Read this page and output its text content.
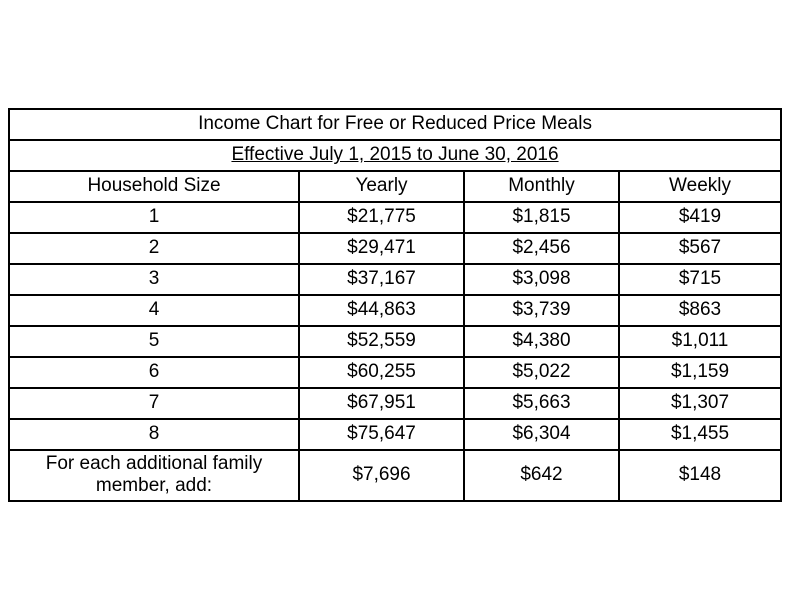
Income Chart for Free or Reduced Price Meals			
Effective July 1, 2015 to June 30, 2016			
Household Size	Yearly	Monthly	Weekly
1	$21,775	$1,815	$419
2	$29,471	$2,456	$567
3	$37,167	$3,098	$715
4	$44,863	$3,739	$863
5	$52,559	$4,380	$1,011
6	$60,255	$5,022	$1,159
7	$67,951	$5,663	$1,307
8	$75,647	$6,304	$1,455
For each additional family member, add:	$7,696	$642	$148
